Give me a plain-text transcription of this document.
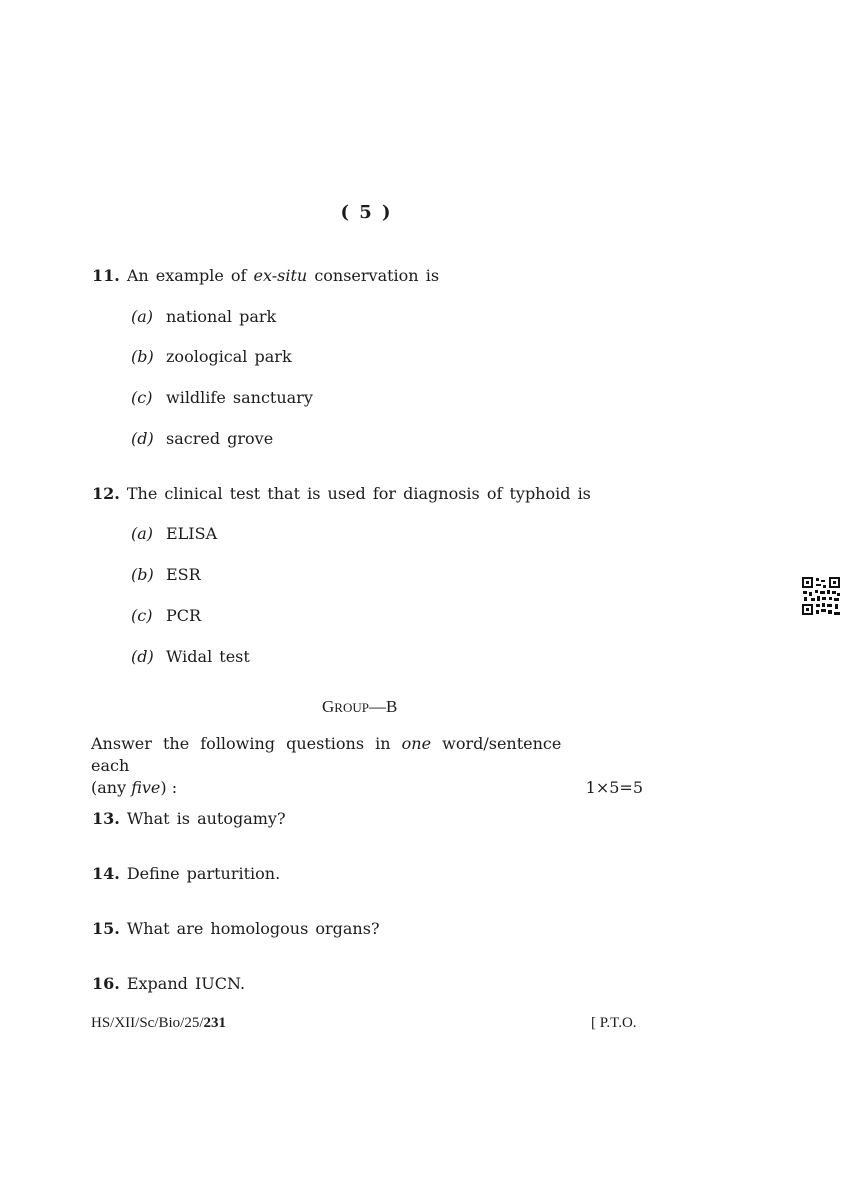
( 5 )
11. An example of ex-situ conservation is
(a) national park
(b) zoological park
(c) wildlife sanctuary
(d) sacred grove
12. The clinical test that is used for diagnosis of typhoid is
(a) ELISA
(b) ESR
(c) PCR
(d) Widal test
GROUP—B
Answer the following questions in one word/sentence each
(any five) :	1×5=5
13. What is autogamy?
14. Define parturition.
15. What are homologous organs?
16. Expand IUCN.
HS/XII/Sc/Bio/25/231	[ P.T.O.
